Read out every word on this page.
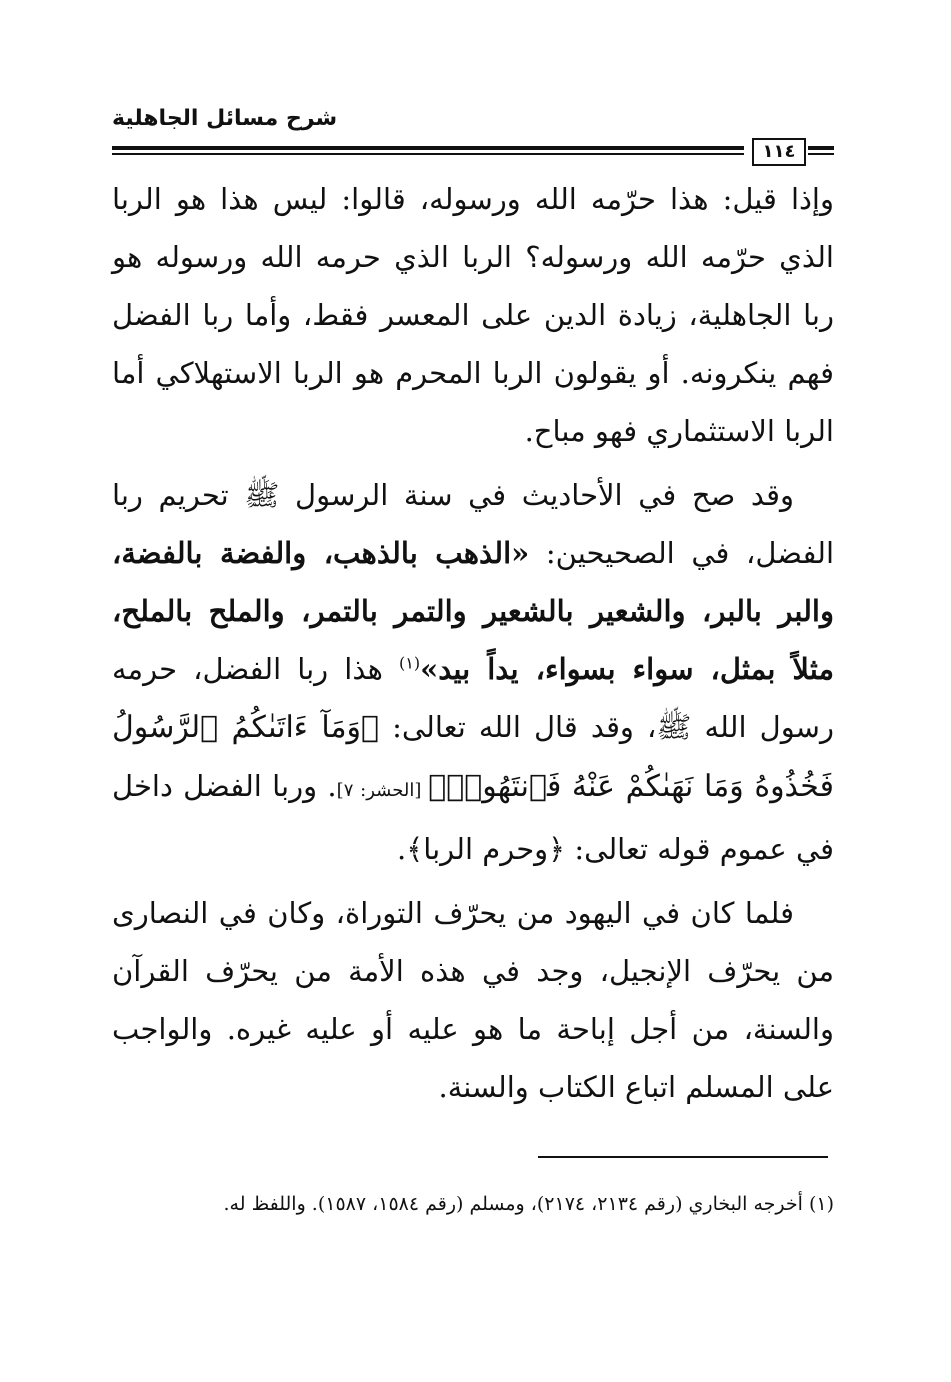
شرح مسائل الجاهلية
١١٤

وإذا قيل: هذا حرّمه الله ورسوله، قالوا: ليس هذا هو الربا الذي حرّمه الله ورسوله؟ الربا الذي حرمه الله ورسوله هو ربا الجاهلية، زيادة الدين على المعسر فقط، وأما ربا الفضل فهم ينكرونه. أو يقولون الربا المحرم هو الربا الاستهلاكي أما الربا الاستثماري فهو مباح.

وقد صح في الأحاديث في سنة الرسول ﷺ تحريم ربا الفضل، في الصحيحين: «الذهب بالذهب، والفضة بالفضة، والبر بالبر، والشعير بالشعير والتمر بالتمر، والملح بالملح، مثلاً بمثل، سواء بسواء، يداً بيد»$^{(١)}$ هذا ربا الفضل، حرمه رسول الله ﷺ، وقد قال الله تعالى: ﴿وَمَآ ءَاتَىٰكُمُ ٱلرَّسُولُ فَخُذُوهُ وَمَا نَهَىٰكُمْ عَنْهُ فَٱنتَهُوا۟﴾ [الحشر: ٧]. وربا الفضل داخل في عموم قوله تعالى: ﴿وحرم الربا﴾.

فلما كان في اليهود من يحرّف التوراة، وكان في النصارى من يحرّف الإنجيل، وجد في هذه الأمة من يحرّف القرآن والسنة، من أجل إباحة ما هو عليه أو عليه غيره. والواجب على المسلم اتباع الكتاب والسنة.

(١) أخرجه البخاري (رقم ٢١٣٤، ٢١٧٤)، ومسلم (رقم ١٥٨٤، ١٥٨٧). واللفظ له.
